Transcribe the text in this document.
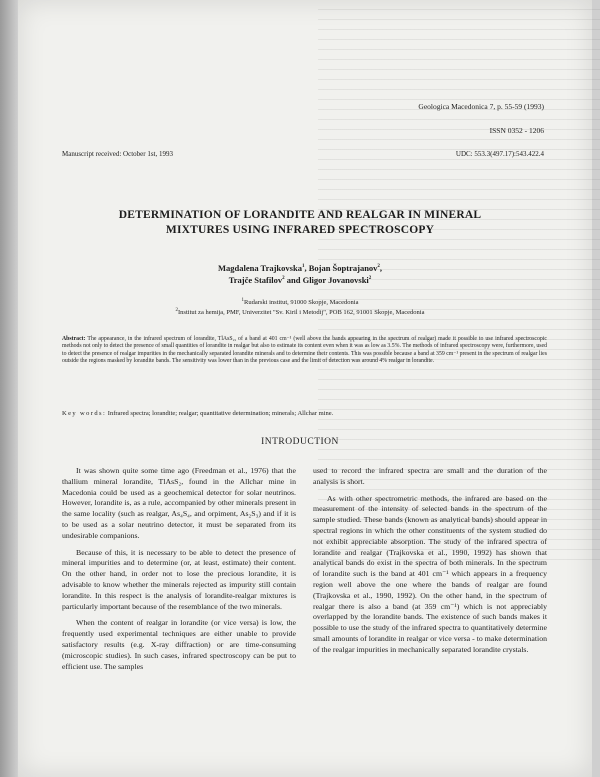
Geologica Macedonica 7, p. 55-59 (1993)
ISSN 0352 - 1206
Manuscript received: October 1st, 1993	UDC: 553.3(497.17):543.422.4
DETERMINATION OF LORANDITE AND REALGAR IN MINERAL
MIXTURES USING INFRARED SPECTROSCOPY
Magdalena Trajkovska$^1$, Bojan Šoptrajanov$^2$,
Trajče Stafilov$^2$ and Gligor Jovanovski$^2$
$^1$Rudarski institut, 91000 Skopje, Macedonia
$^2$Institut za hemija, PMF, Univerzitet "Sv. Kiril i Metodij", POB 162, 91001 Skopje, Macedonia
Abstract: The appearance, in the infrared spectrum of lorandite, TlAsS₂, of a band at 401 cm⁻¹ (well above the bands appearing in the spectrum of realgar) made it possible to use infrared spectroscopic methods not only to detect the presence of small quantities of lorandite in realgar but also to estimate its content even when it was as low as 3.5%. The methods of infrared spectroscopy were, furthermore, used to detect the presence of realgar impurities in the mechanically separated lorandite minerals and to determine their contents. This was possible because a band at 359 cm⁻¹ present in the spectrum of realgar lies outside the regions masked by lorandite bands. The sensitivity was lower than in the previous case and the limit of detection was around 4% realgar in lorandite.
Key words: Infrared spectra; lorandite; realgar; quantitative determination; minerals; Allchar mine.
INTRODUCTION

It was shown quite some time ago (Freedman et al., 1976) that the thallium mineral lorandite, TlAsS₂, found in the Allchar mine in Macedonia could be used as a geochemical detector for solar neutrinos. However, lorandite is, as a rule, accompanied by other minerals present in the same locality (such as realgar, As₄S₄, and orpiment, As₂S₃) and if it is to be used as a solar neutrino detector, it must be separated from its undesirable companions.

Because of this, it is necessary to be able to detect the presence of mineral impurities and to determine (or, at least, estimate) their content. On the other hand, in order not to lose the precious lorandite, it is advisable to know whether the minerals rejected as impurity still contain lorandite. In this respect is the analysis of lorandite-realgar mixtures is particularly important because of the resemblance of the two minerals.

When the content of realgar in lorandite (or vice versa) is low, the frequently used experimental techniques are either unable to provide satisfactory results (e.g. X-ray diffraction) or are time-consuming (microscopic studies). In such cases, infrared spectroscopy can be put to efficient use. The samples

used to record the infrared spectra are small and the duration of the analysis is short.

As with other spectrometric methods, the infrared are based on the measurement of the intensity of selected bands in the spectrum of the sample studied. These bands (known as analytical bands) should appear in spectral regions in which the other constituents of the system studied do not exhibit appreciable absorption. The study of the infrared spectra of lorandite and realgar (Trajkovska et al., 1990, 1992) has shown that analytical bands do exist in the spectra of both minerals. In the spectrum of lorandite such is the band at 401 cm⁻¹ which appears in a frequency region well above the one where the bands of realgar are found (Trajkovska et al., 1990, 1992). On the other hand, in the spectrum of realgar there is also a band (at 359 cm⁻¹) which is not appreciably overlapped by the lorandite bands. The existence of such bands makes it possible to use the study of the infrared spectra to quantitatively determine small amounts of lorandite in realgar or vice versa - to make determination of the realgar impurities in mechanically separated lorandite crystals.
